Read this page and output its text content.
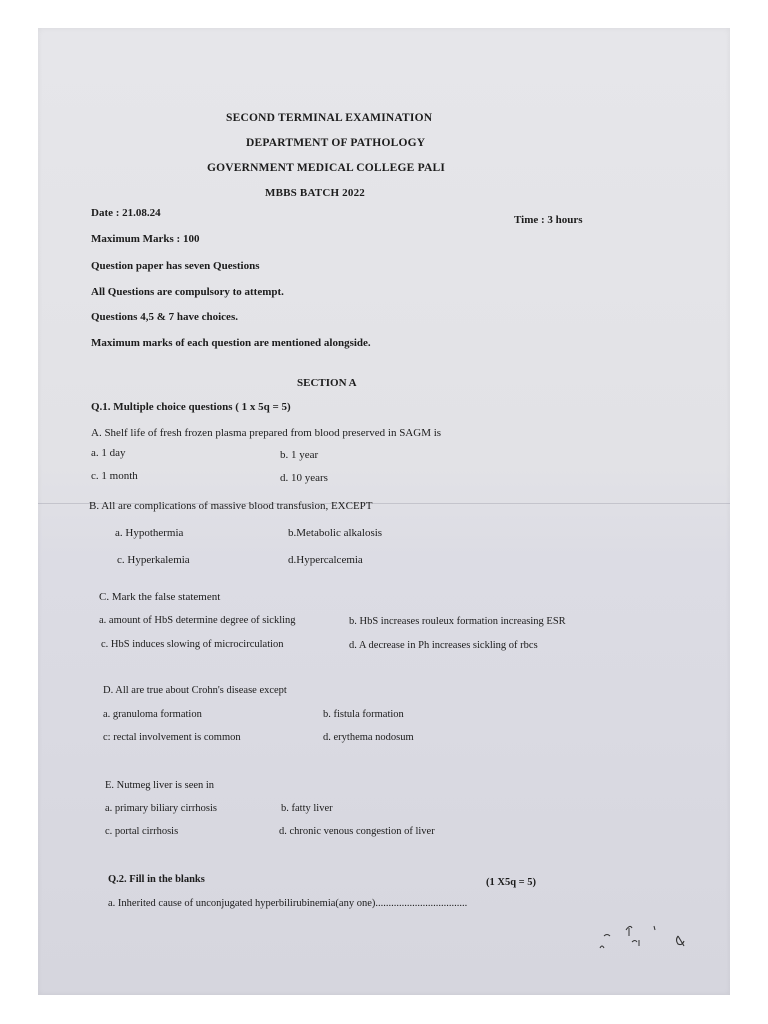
SECOND TERMINAL EXAMINATION
DEPARTMENT OF PATHOLOGY
GOVERNMENT MEDICAL COLLEGE PALI
MBBS BATCH 2022
Date : 21.08.24
Time : 3 hours
Maximum Marks : 100
Question paper has seven Questions
All Questions are compulsory to attempt.
Questions 4,5 & 7 have choices.
Maximum marks of each question are mentioned alongside.
SECTION A
Q.1. Multiple choice questions ( 1 x 5q = 5)
A. Shelf life of fresh frozen plasma prepared from blood preserved in SAGM is
a. 1 day	b. 1 year
c. 1 month	d. 10 years
B. All are complications of massive blood transfusion, EXCEPT
a. Hypothermia	b.Metabolic alkalosis
c. Hyperkalemia	d.Hypercalcemia
C. Mark the false statement
a. amount of HbS determine degree of sickling	b. HbS increases rouleux formation increasing ESR
c. HbS induces slowing of microcirculation	d. A decrease in Ph increases sickling of rbcs
D. All are true about Crohn's disease except
a. granuloma formation	b. fistula formation
c: rectal involvement is common	d. erythema nodosum
E. Nutmeg liver is seen in
a. primary biliary cirrhosis	b. fatty liver
c. portal cirrhosis	d. chronic venous congestion of liver
Q.2. Fill in the blanks	(1 X5q = 5)
a. Inherited cause of unconjugated hyperbilirubinemia(any one)...................................
